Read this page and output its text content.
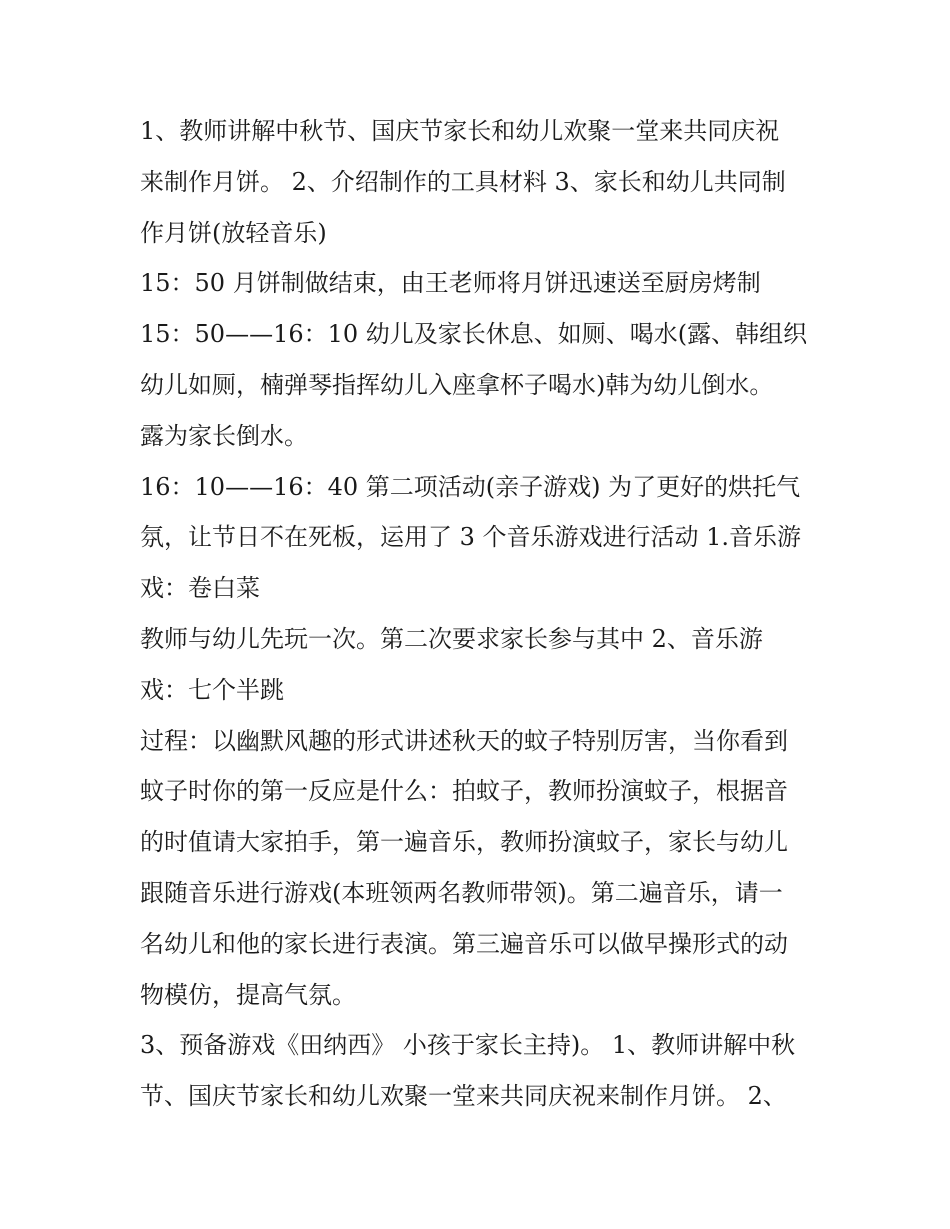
1、教师讲解中秋节、国庆节家长和幼儿欢聚一堂来共同庆祝
来制作月饼。 2、介绍制作的工具材料 3、家长和幼儿共同制
作月饼(放轻音乐)
15：50 月饼制做结束，由王老师将月饼迅速送至厨房烤制
15：50——16：10 幼儿及家长休息、如厕、喝水(露、韩组织
幼儿如厕，楠弹琴指挥幼儿入座拿杯子喝水)韩为幼儿倒水。
露为家长倒水。
16：10——16：40 第二项活动(亲子游戏) 为了更好的烘托气
氛，让节日不在死板，运用了 3 个音乐游戏进行活动 1.音乐游
戏：卷白菜
教师与幼儿先玩一次。第二次要求家长参与其中 2、音乐游
戏：七个半跳
过程：以幽默风趣的形式讲述秋天的蚊子特别厉害，当你看到
蚊子时你的第一反应是什么：拍蚊子，教师扮演蚊子，根据音
的时值请大家拍手，第一遍音乐，教师扮演蚊子，家长与幼儿
跟随音乐进行游戏(本班领两名教师带领)。第二遍音乐，请一
名幼儿和他的家长进行表演。第三遍音乐可以做早操形式的动
物模仿，提高气氛。
3、预备游戏《田纳西》 小孩于家长主持)。 1、教师讲解中秋
节、国庆节家长和幼儿欢聚一堂来共同庆祝来制作月饼。 2、
